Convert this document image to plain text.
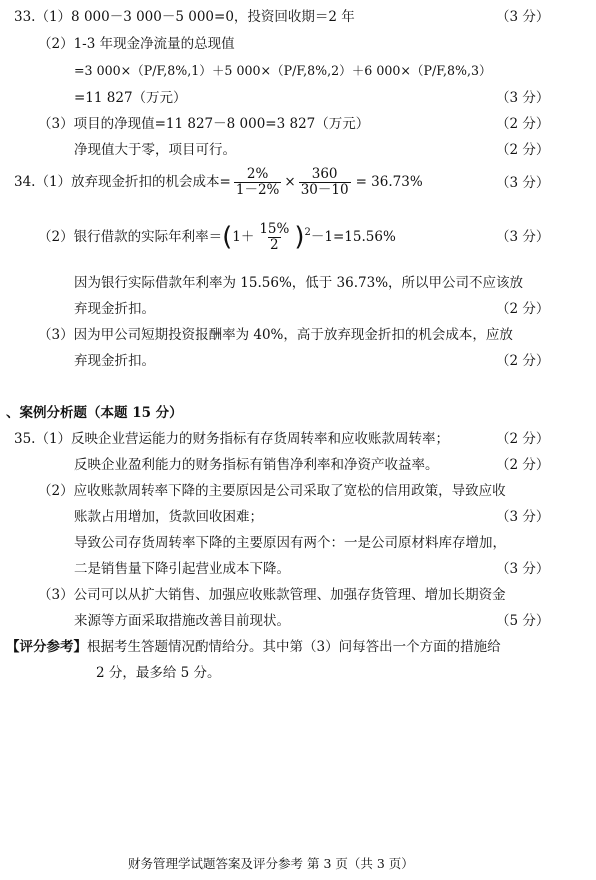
33.（1）8 000－3 000－5 000=0，投资回收期＝2 年	（3 分）
（2）1-3 年现金净流量的总现值
=3 000×（P/F,8%,1）＋5 000×（P/F,8%,2）＋6 000×（P/F,8%,3）
=11 827（万元）	（3 分）
（3）项目的净现值=11 827－8 000=3 827（万元）	（2 分）
净现值大于零，项目可行。	（2 分）
34.（1）放弃现金折扣的机会成本= $\frac{2\%}{1-2\%} \times \frac{360}{30-10} = 36.73\%$	（3 分）
（2）银行借款的实际年利率＝ ( $1+ \frac{15\%}{2} )^2 -1=15.56\%$	（3 分）
因为银行实际借款年利率为 15.56%，低于 36.73%，所以甲公司不应该放
弃现金折扣。	（2 分）
（3）因为甲公司短期投资报酬率为 40%，高于放弃现金折扣的机会成本，应放
弃现金折扣。	（2 分）
、案例分析题（本题 15 分）
35.（1）反映企业营运能力的财务指标有存货周转率和应收账款周转率；	（2 分）
反映企业盈利能力的财务指标有销售净利率和净资产收益率。	（2 分）
（2）应收账款周转率下降的主要原因是公司采取了宽松的信用政策，导致应收
账款占用增加，货款回收困难；	（3 分）
导致公司存货周转率下降的主要原因有两个：一是公司原材料库存增加，
二是销售量下降引起营业成本下降。	（3 分）
（3）公司可以从扩大销售、加强应收账款管理、加强存货管理、增加长期资金
来源等方面采取措施改善目前现状。	（5 分）
【评分参考】根据考生答题情况酌情给分。其中第（3）问每答出一个方面的措施给
2 分，最多给 5 分。
财务管理学试题答案及评分参考 第 3 页（共 3 页）
